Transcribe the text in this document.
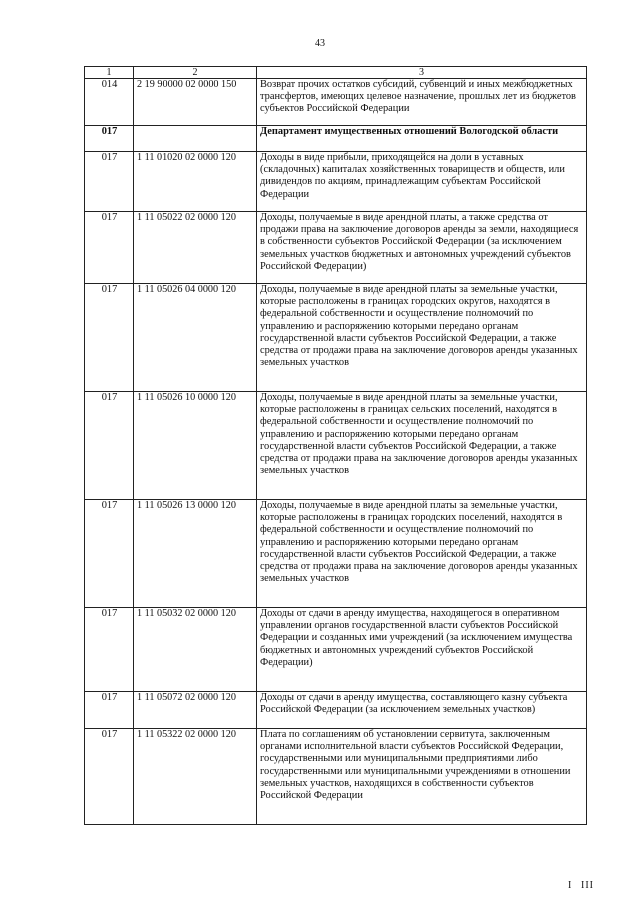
43
1	2	3
014	2 19 90000 02 0000 150	Возврат прочих остатков субсидий, субвенций и иных межбюджетных трансфертов, имеющих целевое назначение, прошлых лет из бюджетов субъектов Российской Федерации
017		Департамент имущественных отношений Вологодской области
017	1 11 01020 02 0000 120	Доходы в виде прибыли, приходящейся на доли в уставных (складочных) капиталах хозяйственных товариществ и обществ, или дивидендов по акциям, принадлежащим субъектам Российской Федерации
017	1 11 05022 02 0000 120	Доходы, получаемые в виде арендной платы, а также средства от продажи права на заключение договоров аренды за земли, находящиеся в собственности субъектов Российской Федерации (за исключением земельных участков бюджетных и автономных учреждений субъектов Российской Федерации)
017	1 11 05026 04 0000 120	Доходы, получаемые в виде арендной платы за земельные участки, которые расположены в границах городских округов, находятся в федеральной собственности и осуществление полномочий по управлению и распоряжению которыми передано органам государственной власти субъектов Российской Федерации, а также средства от продажи права на заключение договоров аренды указанных земельных участков
017	1 11 05026 10 0000 120	Доходы, получаемые в виде арендной платы за земельные участки, которые расположены в границах сельских поселений, находятся в федеральной собственности и осуществление полномочий по управлению и распоряжению которыми передано органам государственной власти субъектов Российской Федерации, а также средства от продажи права на заключение договоров аренды указанных земельных участков
017	1 11 05026 13 0000 120	Доходы, получаемые в виде арендной платы за земельные участки, которые расположены в границах городских поселений, находятся в федеральной собственности и осуществление полномочий по управлению и распоряжению которыми передано органам государственной власти субъектов Российской Федерации, а также средства от продажи права на заключение договоров аренды указанных земельных участков
017	1 11 05032 02 0000 120	Доходы от сдачи в аренду имущества, находящегося в оперативном управлении органов государственной власти субъектов Российской Федерации и созданных ими учреждений (за исключением имущества бюджетных и автономных учреждений субъектов Российской Федерации)
017	1 11 05072 02 0000 120	Доходы от сдачи в аренду имущества, составляющего казну субъекта Российской Федерации (за исключением земельных участков)
017	1 11 05322 02 0000 120	Плата по соглашениям об установлении сервитута, заключенным органами исполнительной власти субъектов Российской Федерации, государственными или муниципальными предприятиями либо государственными или муниципальными учреждениями в отношении земельных участков, находящихся в собственности субъектов Российской Федерации
I III
